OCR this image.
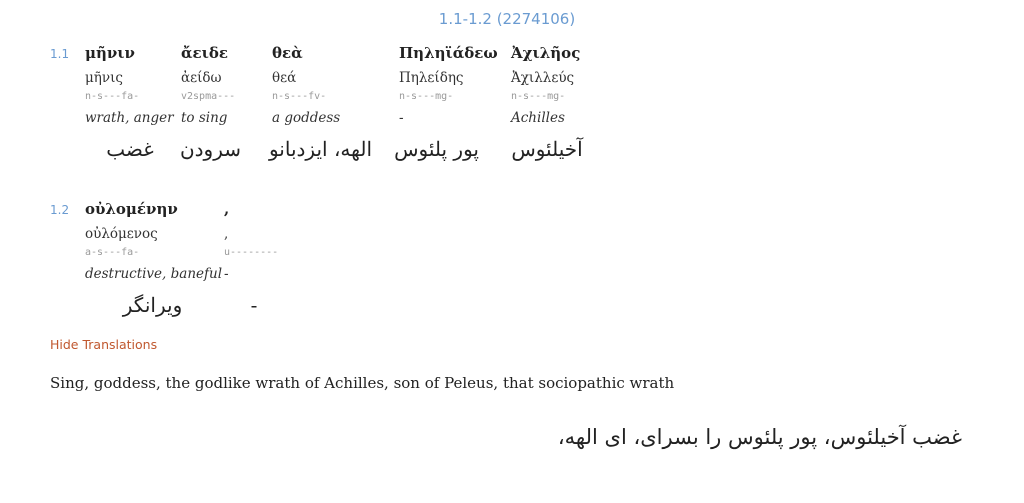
1.1-1.2 (2274106)
1.1 μῆνιν
μῆνις
n-s---fa-
wrath, anger
غضب
ἄειδε
ἀείδω
v2spma---
to sing
سرودن
θεὰ
θεά
n-s---fv-
a goddess
الهه، ایزدبانو
Πηληϊάδεω
Πηλείδης
n-s---mg-
-
پور پلئوس
Ἀχιλῆος
Ἀχιλλεύς
n-s---mg-
Achilles
آخیلئوس
1.2 οὐλομένην
οὐλόμενος
a-s---fa-
destructive, baneful
ویرانگر
,
,
u--------
-
-
Hide Translations
Sing, goddess, the godlike wrath of Achilles, son of Peleus, that sociopathic wrath
غضب آخیلئوس، پور پلئوس را بسرای، ای الهه،
